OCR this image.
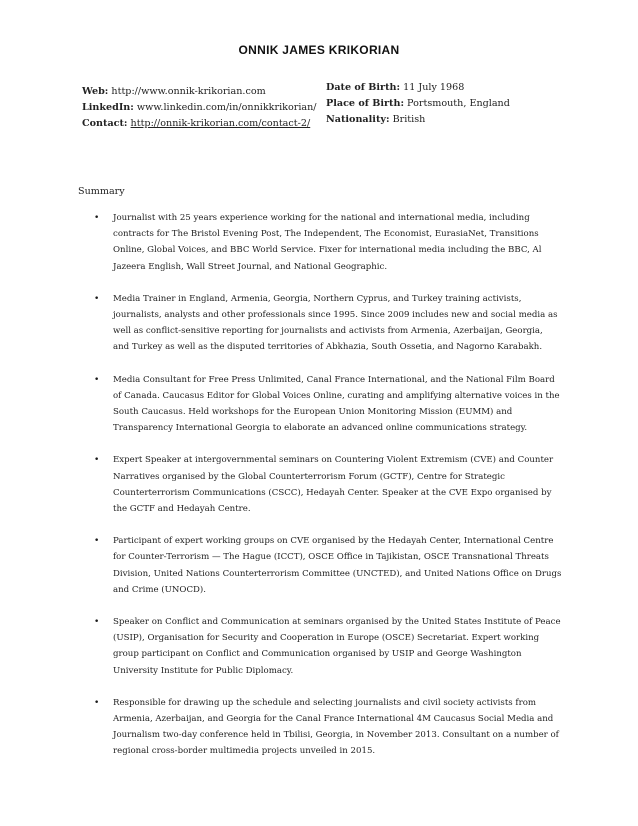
ONNIK JAMES KRIKORIAN
Web: http://www.onnik-krikorian.com
LinkedIn: www.linkedin.com/in/onnikkrikorian/
Contact: http://onnik-krikorian.com/contact-2/
Date of Birth: 11 July 1968
Place of Birth: Portsmouth, England
Nationality: British
Summary
• Journalist with 25 years experience working for the national and international media, including
contracts for The Bristol Evening Post, The Independent, The Economist, EurasiaNet, Transitions
Online, Global Voices, and BBC World Service. Fixer for international media including the BBC, Al
Jazeera English, Wall Street Journal, and National Geographic.
• Media Trainer in England, Armenia, Georgia, Northern Cyprus, and Turkey training activists,
journalists, analysts and other professionals since 1995. Since 2009 includes new and social media as
well as conflict-sensitive reporting for journalists and activists from Armenia, Azerbaijan, Georgia,
and Turkey as well as the disputed territories of Abkhazia, South Ossetia, and Nagorno Karabakh.
• Media Consultant for Free Press Unlimited, Canal France International, and the National Film Board
of Canada. Caucasus Editor for Global Voices Online, curating and amplifying alternative voices in the
South Caucasus. Held workshops for the European Union Monitoring Mission (EUMM) and
Transparency International Georgia to elaborate an advanced online communications strategy.
• Expert Speaker at intergovernmental seminars on Countering Violent Extremism (CVE) and Counter
Narratives organised by the Global Counterterrorism Forum (GCTF), Centre for Strategic
Counterterrorism Communications (CSCC), Hedayah Center. Speaker at the CVE Expo organised by
the GCTF and Hedayah Centre.
• Participant of expert working groups on CVE organised by the Hedayah Center, International Centre
for Counter-Terrorism — The Hague (ICCT), OSCE Office in Tajikistan, OSCE Transnational Threats
Division, United Nations Counterterrorism Committee (UNCTED), and United Nations Office on Drugs
and Crime (UNOCD).
• Speaker on Conflict and Communication at seminars organised by the United States Institute of Peace
(USIP), Organisation for Security and Cooperation in Europe (OSCE) Secretariat. Expert working
group participant on Conflict and Communication organised by USIP and George Washington
University Institute for Public Diplomacy.
• Responsible for drawing up the schedule and selecting journalists and civil society activists from
Armenia, Azerbaijan, and Georgia for the Canal France International 4M Caucasus Social Media and
Journalism two-day conference held in Tbilisi, Georgia, in November 2013. Consultant on a number of
regional cross-border multimedia projects unveiled in 2015.
